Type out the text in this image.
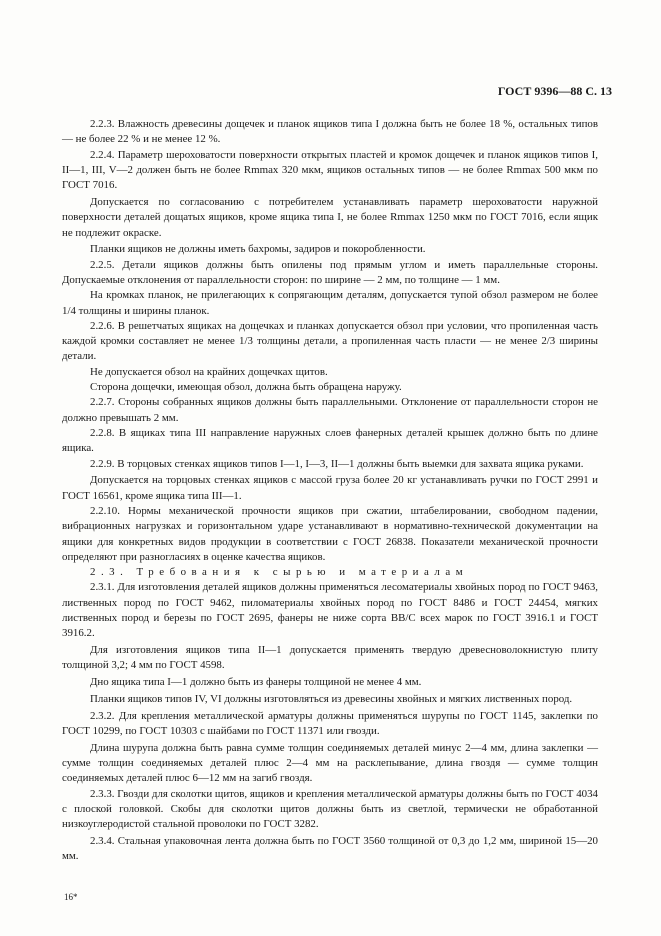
ГОСТ 9396—88 С. 13

2.2.3. Влажность древесины дощечек и планок ящиков типа I должна быть не более 18 %, остальных типов — не более 22 % и не менее 12 %.

2.2.4. Параметр шероховатости поверхности открытых пластей и кромок дощечек и планок ящиков типов I, II—1, III, V—2 должен быть не более Rmmax 320 мкм, ящиков остальных типов — не более Rmmax 500 мкм по ГОСТ 7016.

Допускается по согласованию с потребителем устанавливать параметр шероховатости наружной поверхности деталей дощатых ящиков, кроме ящика типа I, не более Rmmax 1250 мкм по ГОСТ 7016, если ящик не подлежит окраске.

Планки ящиков не должны иметь бахромы, задиров и покоробленности.

2.2.5. Детали ящиков должны быть опилены под прямым углом и иметь параллельные стороны. Допускаемые отклонения от параллельности сторон: по ширине — 2 мм, по толщине — 1 мм.

На кромках планок, не прилегающих к сопрягающим деталям, допускается тупой обзол размером не более 1/4 толщины и ширины планок.

2.2.6. В решетчатых ящиках на дощечках и планках допускается обзол при условии, что пропиленная часть каждой кромки составляет не менее 1/3 толщины детали, а пропиленная часть пласти — не менее 2/3 ширины детали.

Не допускается обзол на крайних дощечках щитов.

Сторона дощечки, имеющая обзол, должна быть обращена наружу.

2.2.7. Стороны собранных ящиков должны быть параллельными. Отклонение от параллельности сторон не должно превышать 2 мм.

2.2.8. В ящиках типа III направление наружных слоев фанерных деталей крышек должно быть по длине ящика.

2.2.9. В торцовых стенках ящиков типов I—1, I—3, II—1 должны быть выемки для захвата ящика руками.

Допускается на торцовых стенках ящиков с массой груза более 20 кг устанавливать ручки по ГОСТ 2991 и ГОСТ 16561, кроме ящика типа III—1.

2.2.10. Нормы механической прочности ящиков при сжатии, штабелировании, свободном падении, вибрационных нагрузках и горизонтальном ударе устанавливают в нормативно-технической документации на ящики для конкретных видов продукции в соответствии с ГОСТ 26838. Показатели механической прочности определяют при разногласиях в оценке качества ящиков.

2.3. Требования к сырью и материалам

2.3.1. Для изготовления деталей ящиков должны применяться лесоматериалы хвойных пород по ГОСТ 9463, лиственных пород по ГОСТ 9462, пиломатериалы хвойных пород по ГОСТ 8486 и ГОСТ 24454, мягких лиственных пород и березы по ГОСТ 2695, фанеры не ниже сорта BB/C всех марок по ГОСТ 3916.1 и ГОСТ 3916.2.

Для изготовления ящиков типа II—1 допускается применять твердую древесноволокнистую плиту толщиной 3,2; 4 мм по ГОСТ 4598.

Дно ящика типа I—1 должно быть из фанеры толщиной не менее 4 мм.

Планки ящиков типов IV, VI должны изготовляться из древесины хвойных и мягких лиственных пород.

2.3.2. Для крепления металлической арматуры должны применяться шурупы по ГОСТ 1145, заклепки по ГОСТ 10299, по ГОСТ 10303 с шайбами по ГОСТ 11371 или гвозди.

Длина шурупа должна быть равна сумме толщин соединяемых деталей минус 2—4 мм, длина заклепки — сумме толщин соединяемых деталей плюс 2—4 мм на расклепывание, длина гвоздя — сумме толщин соединяемых деталей плюс 6—12 мм на загиб гвоздя.

2.3.3. Гвозди для сколотки щитов, ящиков и крепления металлической арматуры должны быть по ГОСТ 4034 с плоской головкой. Скобы для сколотки щитов должны быть из светлой, термически не обработанной низкоуглеродистой стальной проволоки по ГОСТ 3282.

2.3.4. Стальная упаковочная лента должна быть по ГОСТ 3560 толщиной от 0,3 до 1,2 мм, шириной 15—20 мм.

16*
